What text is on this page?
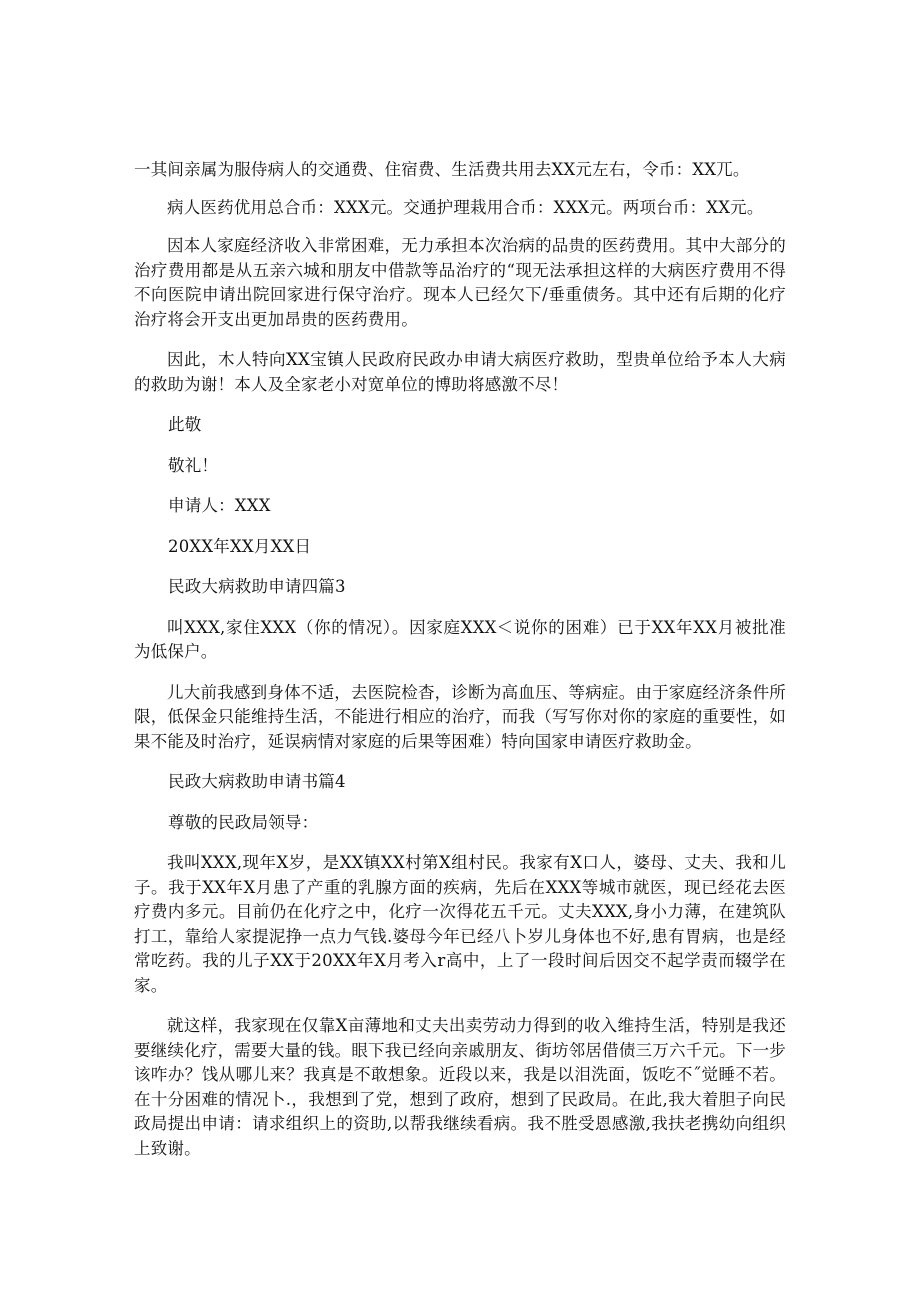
一其间亲属为服侍病人的交通费、住宿费、生活费共用去XX元左右，令币：XX兀。

病人医药优用总合币：XXX元。交通护理栽用合币：XXX元。两项台币：XX元。

因本人家庭经济收入非常困难，无力承担本次治病的品贵的医药费用。其中大部分的治疗费用都是从五亲六城和朋友中借款等品治疗的“现无法承担这样的大病医疗费用不得不向医院申请出院回家进行保守治疗。现本人已经欠下/垂重债务。其中还有后期的化疗治疗将会开支出更加昂贵的医药费用。

因此，木人特向XX宝镇人民政府民政办申请大病医疗救助，型贵单位给予本人大病的救助为谢！本人及全家老小对宽单位的博助将感激不尽！

此敬

敬礼！

申请人：XXX

20XX年XX月XX日

民政大病救助申请四篇3

叫XXX,家住XXX（你的情况）。因家庭XXX＜说你的困难）已于XX年XX月被批准为低保户。

儿大前我感到身体不适，去医院检杳，诊断为高血压、等病症。由于家庭经济条件所限，低保金只能维持生活，不能进行相应的治疗，而我（写写你对你的家庭的重要性，如果不能及时治疗，延误病情对家庭的后果等困难）特向国家申请医疗救助金。

民政大病救助申请书篇4

尊敬的民政局领导：

我叫XXX,现年X岁，是XX镇XX村第X组村民。我家有X口人，婆母、丈夫、我和儿子。我于XX年X月患了产重的乳腺方面的疾病，先后在XXX等城市就医，现已经花去医疗费内多元。目前仍在化疗之中，化疗一次得花五千元。丈夫XXX,身小力薄，在建筑队打工，靠给人家提泥挣一点力气钱.婆母今年已经八卜岁儿身体也不好,患有胃病，也是经常吃药。我的儿子XX于20XX年X月考入r高中，上了一段时间后因交不起学责而辍学在家。

就这样，我家现在仅靠X亩薄地和丈夫出卖劳动力得到的收入维持生活，特别是我还要继续化疗，需要大量的钱。眼下我已经向亲戚朋友、街坊邻居借债三万六千元。下一步该咋办？饯从哪儿来？我真是不敢想象。近段以来，我是以泪洗面，饭吃不˝觉睡不若。在十分困难的情况卜.，我想到了党，想到了政府，想到了民政局。在此,我大着胆子向民政局提出申请：请求组织上的资助,以帮我继续看病。我不胜受恩感激,我扶老携幼向组织上致谢。
